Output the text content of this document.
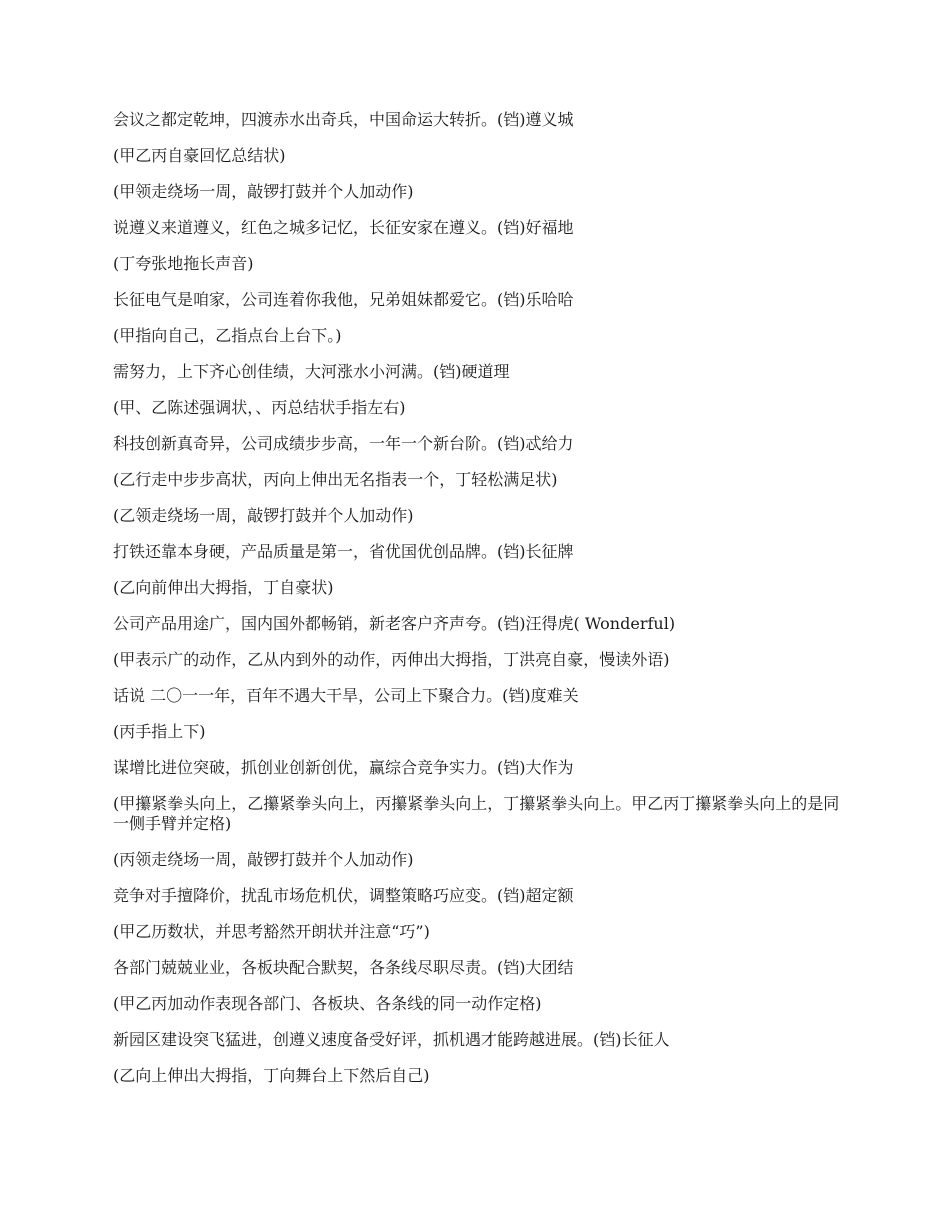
会议之都定乾坤，四渡赤水出奇兵，中国命运大转折。(铛)遵义城

(甲乙丙自豪回忆总结状)

(甲领走绕场一周，敲锣打鼓并个人加动作)

说遵义来道遵义，红色之城多记忆，长征安家在遵义。(铛)好福地

(丁夸张地拖长声音)

长征电气是咱家，公司连着你我他，兄弟姐妹都爱它。(铛)乐哈哈

(甲指向自己，乙指点台上台下。)

需努力，上下齐心创佳绩，大河涨水小河满。(铛)硬道理

(甲、乙陈述强调状，、丙总结状手指左右)

科技创新真奇异，公司成绩步步高，一年一个新台阶。(铛)忒给力

(乙行走中步步高状，丙向上伸出无名指表一个，丁轻松满足状)

(乙领走绕场一周，敲锣打鼓并个人加动作)

打铁还靠本身硬，产品质量是第一，省优国优创品牌。(铛)长征牌

(乙向前伸出大拇指，丁自豪状)

公司产品用途广，国内国外都畅销，新老客户齐声夸。(铛)汪得虎( Wonderful)

(甲表示广的动作，乙从内到外的动作，丙伸出大拇指，丁洪亮自豪，慢读外语)

话说 二〇一一年，百年不遇大干旱，公司上下聚合力。(铛)度难关

(丙手指上下)

谋增比进位突破，抓创业创新创优，赢综合竞争实力。(铛)大作为

(甲攥紧拳头向上，乙攥紧拳头向上，丙攥紧拳头向上，丁攥紧拳头向上。甲乙丙丁攥紧拳头向上的是同一侧手臂并定格)

(丙领走绕场一周，敲锣打鼓并个人加动作)

竞争对手擅降价，扰乱市场危机伏，调整策略巧应变。(铛)超定额

(甲乙历数状，并思考豁然开朗状并注意“巧”)

各部门兢兢业业，各板块配合默契，各条线尽职尽责。(铛)大团结

(甲乙丙加动作表现各部门、各板块、各条线的同一动作定格)

新园区建设突飞猛进，创遵义速度备受好评，抓机遇才能跨越进展。(铛)长征人

(乙向上伸出大拇指，丁向舞台上下然后自己)
